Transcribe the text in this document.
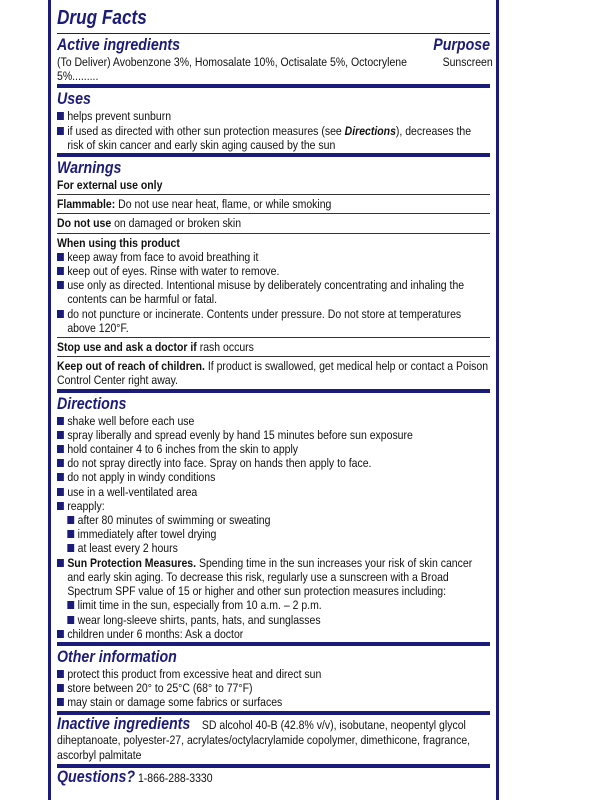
Drug Facts
Active ingredients	Purpose
(To Deliver) Avobenzone 3%, Homosalate 10%, Octisalate 5%, Octocrylene 5%.........
Sunscreen
Uses
helps prevent sunburn
if used as directed with other sun protection measures (see Directions), decreases the risk of skin cancer and early skin aging caused by the sun
Warnings
For external use only
Flammable: Do not use near heat, flame, or while smoking
Do not use on damaged or broken skin
When using this product
keep away from face to avoid breathing it
keep out of eyes. Rinse with water to remove.
use only as directed. Intentional misuse by deliberately concentrating and inhaling the contents can be harmful or fatal.
do not puncture or incinerate. Contents under pressure. Do not store at temperatures above 120°F.
Stop use and ask a doctor if rash occurs
Keep out of reach of children. If product is swallowed, get medical help or contact a Poison Control Center right away.
Directions
shake well before each use
spray liberally and spread evenly by hand 15 minutes before sun exposure
hold container 4 to 6 inches from the skin to apply
do not spray directly into face. Spray on hands then apply to face.
do not apply in windy conditions
use in a well-ventilated area
reapply:
after 80 minutes of swimming or sweating
immediately after towel drying
at least every 2 hours
Sun Protection Measures. Spending time in the sun increases your risk of skin cancer and early skin aging. To decrease this risk, regularly use a sunscreen with a Broad Spectrum SPF value of 15 or higher and other sun protection measures including:
limit time in the sun, especially from 10 a.m. – 2 p.m.
wear long-sleeve shirts, pants, hats, and sunglasses
children under 6 months: Ask a doctor
Other information
protect this product from excessive heat and direct sun
store between 20° to 25°C (68° to 77°F)
may stain or damage some fabrics or surfaces
Inactive ingredients SD alcohol 40-B (42.8% v/v), isobutane, neopentyl glycol diheptanoate, polyester-27, acrylates/octylacrylamide copolymer, dimethicone, fragrance, ascorbyl palmitate
Questions? 1-866-288-3330
